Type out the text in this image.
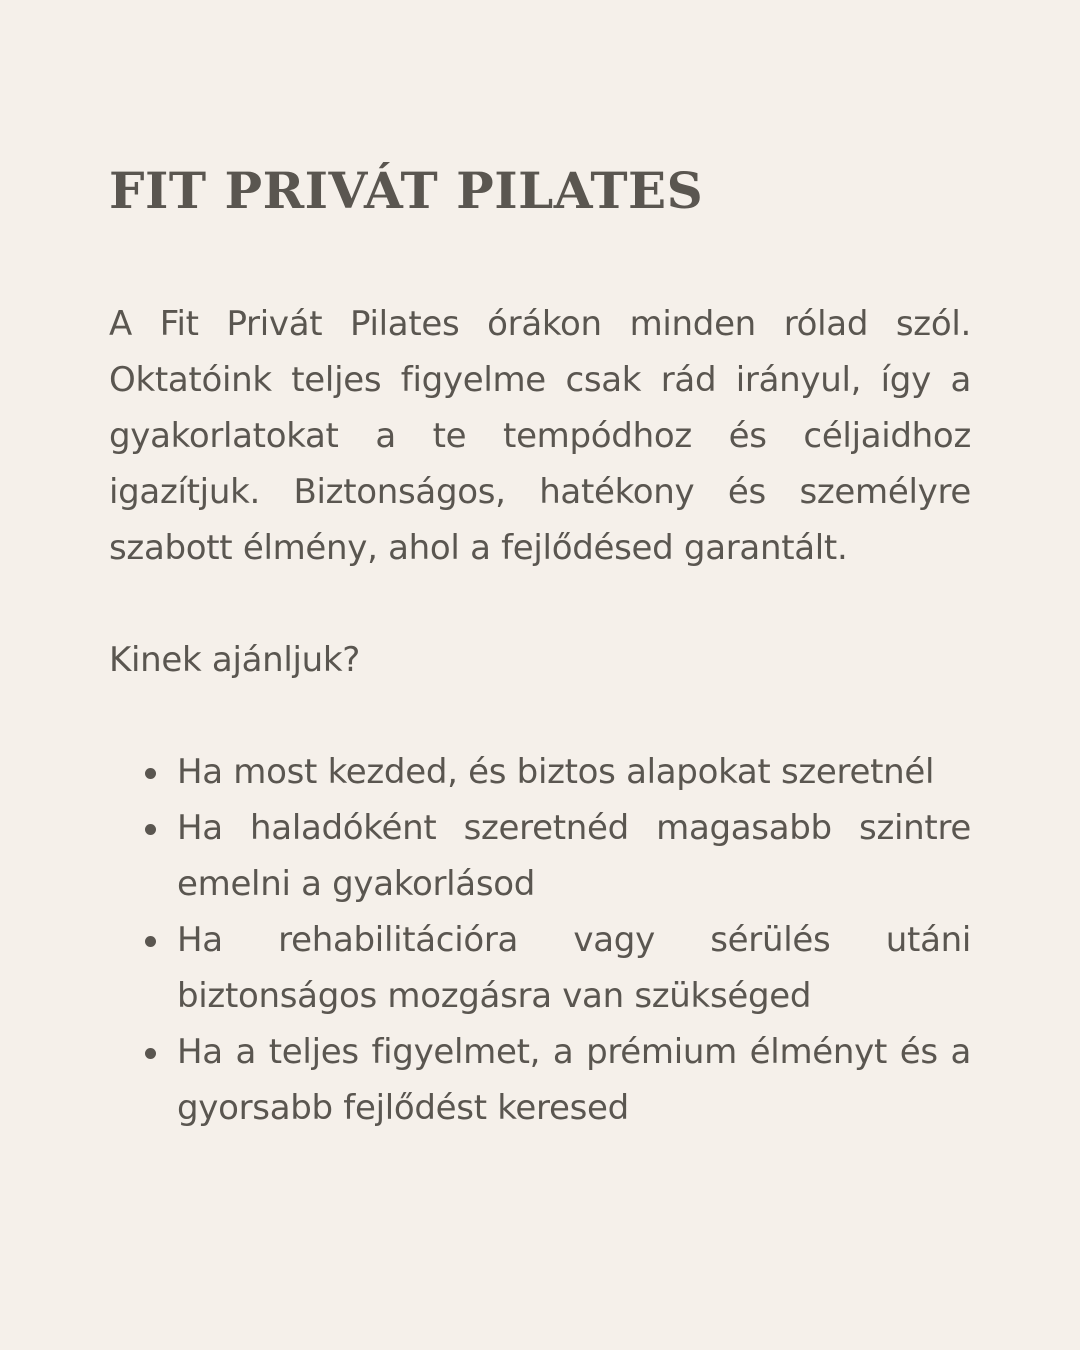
FIT PRIVÁT PILATES

A Fit Privát Pilates órákon minden rólad szól. Oktatóink teljes figyelme csak rád irányul, így a gyakorlatokat a te tempódhoz és céljaidhoz igazítjuk. Biztonságos, hatékony és személyre szabott élmény, ahol a fejlődésed garantált.

Kinek ajánljuk?

Ha most kezded, és biztos alapokat szeretnél
Ha haladóként szeretnéd magasabb szintre emelni a gyakorlásod
Ha rehabilitációra vagy sérülés utáni biztonságos mozgásra van szükséged
Ha a teljes figyelmet, a prémium élményt és a gyorsabb fejlődést keresed
